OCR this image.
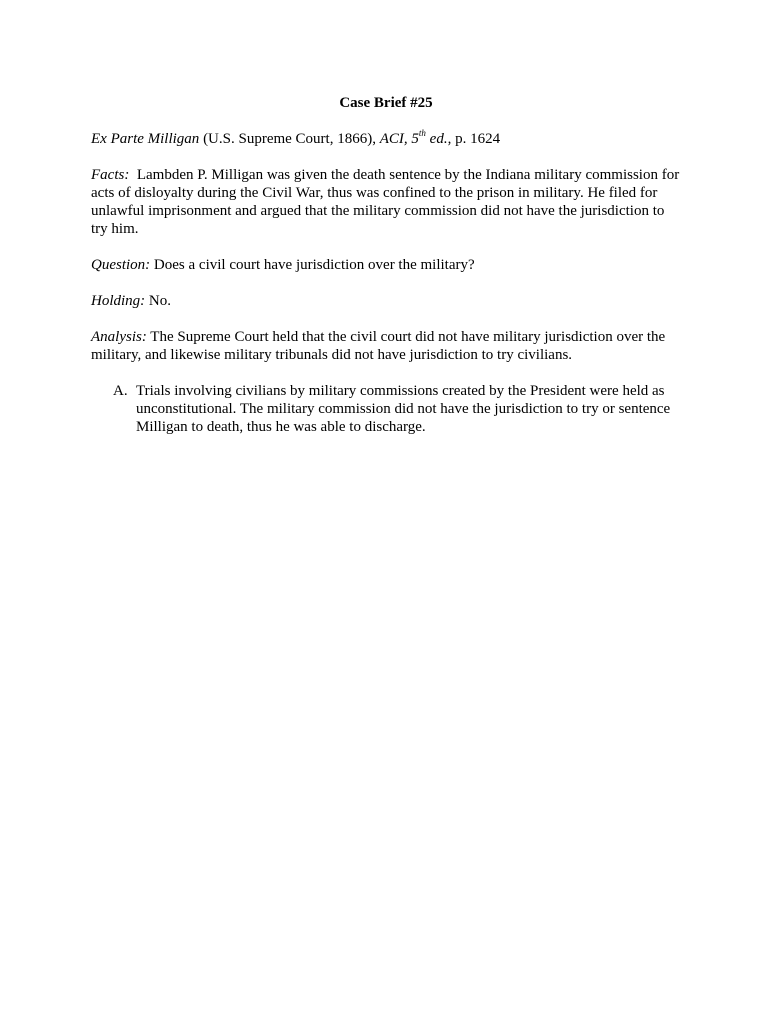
Case Brief #25

Ex Parte Milligan (U.S. Supreme Court, 1866), ACI, 5th ed., p. 1624

Facts:  Lambden P. Milligan was given the death sentence by the Indiana military commission for acts of disloyalty during the Civil War, thus was confined to the prison in military. He filed for unlawful imprisonment and argued that the military commission did not have the jurisdiction to try him.

Question: Does a civil court have jurisdiction over the military?

Holding: No.

Analysis: The Supreme Court held that the civil court did not have military jurisdiction over the military, and likewise military tribunals did not have jurisdiction to try civilians.

A. Trials involving civilians by military commissions created by the President were held as unconstitutional. The military commission did not have the jurisdiction to try or sentence Milligan to death, thus he was able to discharge.
